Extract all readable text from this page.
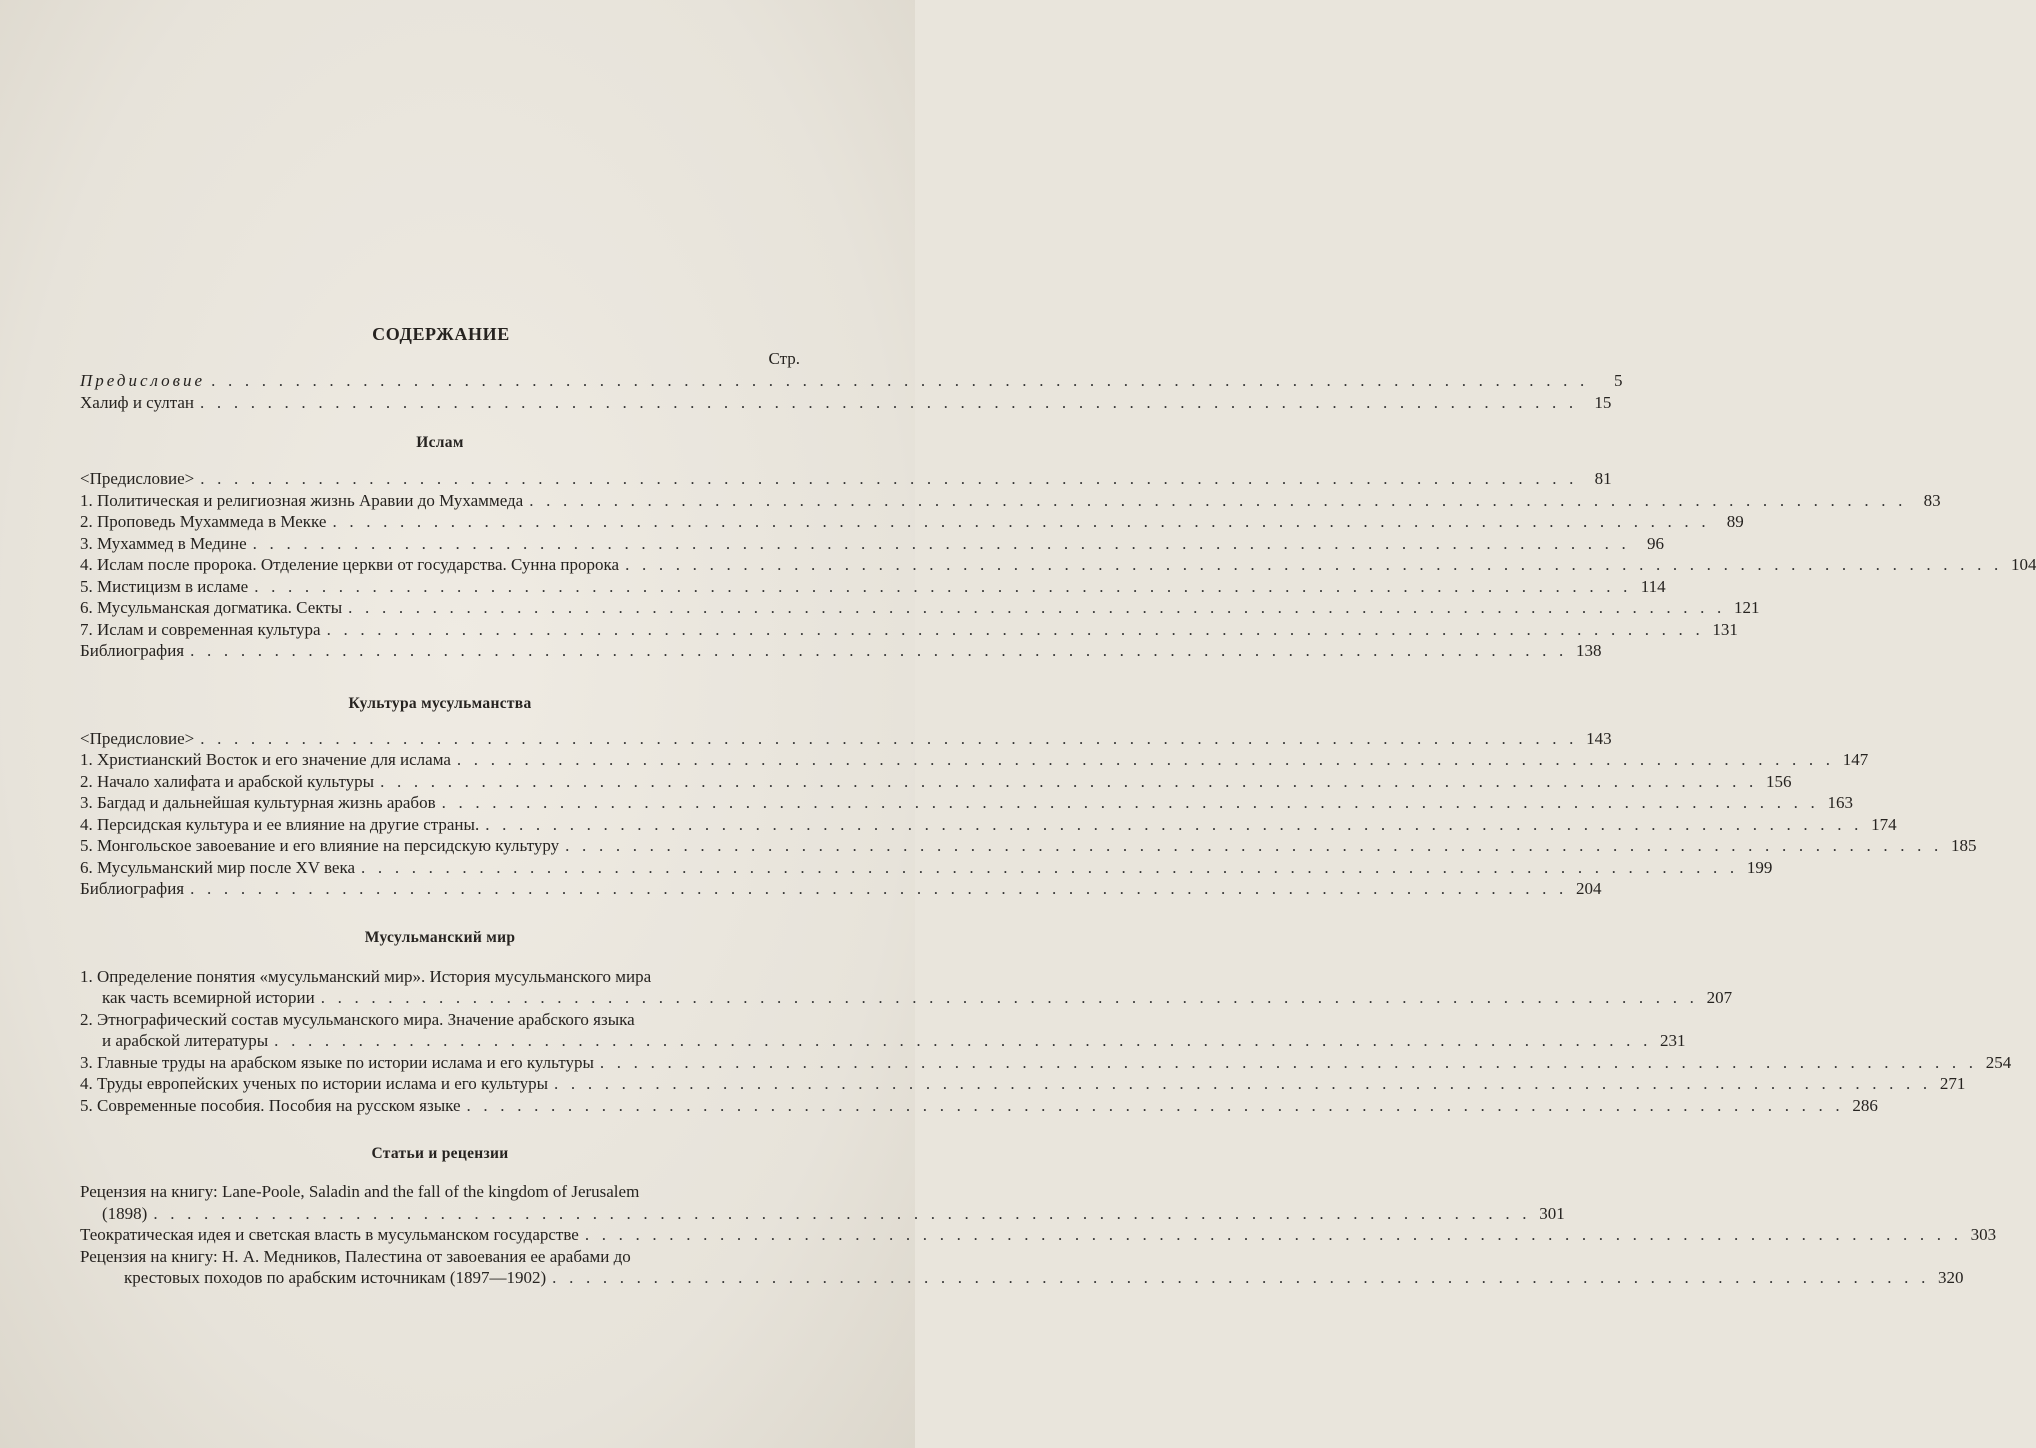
СОДЕРЖАНИЕ
Стр.
Предисловие . . . . . . . . . . . . . . . . . . . . . . . . . . . . . . . . . . . . . . . . . . . . . . . . . . . . . . . . . . . . . . . . . . . . . . . . . . . . . . . . . .	5
Халиф и султан . . . . . . . . . . . . . . . . . . . . . . . . . . . . . . . . . . . . . . . . . . . . . . . . . . . . . . . . . . . . . . . . . . . . . . . . . . . . . . . . . .	15
Ислам
<Предисловие> . . . . . . . . . . . . . . . . . . . . . . . . . . . . . . . . . . . . . . . . . . . . . . . . . . . . . . . . . . . . . . . . . . . . . . . . . . . . . . . . . .	81
1. Политическая и религиозная жизнь Аравии до Мухаммеда . . . . . . . . . . . . . . . . . . . . . . . . . . . . . . . . . . . . . . . . . . . . . . . . . . . . . . . . . . . . . . . . . . . . . . . . . . . . . . . . . .	83
2. Проповедь Мухаммеда в Мекке . . . . . . . . . . . . . . . . . . . . . . . . . . . . . . . . . . . . . . . . . . . . . . . . . . . . . . . . . . . . . . . . . . . . . . . . . . . . . . . . . .	89
3. Мухаммед в Медине . . . . . . . . . . . . . . . . . . . . . . . . . . . . . . . . . . . . . . . . . . . . . . . . . . . . . . . . . . . . . . . . . . . . . . . . . . . . . . . . . .	96
4. Ислам после пророка. Отделение церкви от государства. Сунна пророка . . . . . . . . . . . . . . . . . . . . . . . . . . . . . . . . . . . . . . . . . . . . . . . . . . . . . . . . . . . . . . . . . . . . . . . . . . . . . . . . . . 104
5. Мистицизм в исламе . . . . . . . . . . . . . . . . . . . . . . . . . . . . . . . . . . . . . . . . . . . . . . . . . . . . . . . . . . . . . . . . . . . . . . . . . . . . . . . . . . 114
6. Мусульманская догматика. Секты . . . . . . . . . . . . . . . . . . . . . . . . . . . . . . . . . . . . . . . . . . . . . . . . . . . . . . . . . . . . . . . . . . . . . . . . . . . . . . . . . . 121
7. Ислам и современная культура . . . . . . . . . . . . . . . . . . . . . . . . . . . . . . . . . . . . . . . . . . . . . . . . . . . . . . . . . . . . . . . . . . . . . . . . . . . . . . . . . . 131
Библиография . . . . . . . . . . . . . . . . . . . . . . . . . . . . . . . . . . . . . . . . . . . . . . . . . . . . . . . . . . . . . . . . . . . . . . . . . . . . . . . . . . 138
Культура мусульманства
<Предисловие> . . . . . . . . . . . . . . . . . . . . . . . . . . . . . . . . . . . . . . . . . . . . . . . . . . . . . . . . . . . . . . . . . . . . . . . . . . . . . . . . . . 143
1. Христианский Восток и его значение для ислама . . . . . . . . . . . . . . . . . . . . . . . . . . . . . . . . . . . . . . . . . . . . . . . . . . . . . . . . . . . . . . . . . . . . . . . . . . . . . . . . . . 147
2. Начало халифата и арабской культуры . . . . . . . . . . . . . . . . . . . . . . . . . . . . . . . . . . . . . . . . . . . . . . . . . . . . . . . . . . . . . . . . . . . . . . . . . . . . . . . . . . 156
3. Багдад и дальнейшая культурная жизнь арабов . . . . . . . . . . . . . . . . . . . . . . . . . . . . . . . . . . . . . . . . . . . . . . . . . . . . . . . . . . . . . . . . . . . . . . . . . . . . . . . . . . 163
4. Персидская культура и ее влияние на другие страны. . . . . . . . . . . . . . . . . . . . . . . . . . . . . . . . . . . . . . . . . . . . . . . . . . . . . . . . . . . . . . . . . . . . . . . . . . . . . . . . . . . 174
5. Монгольское завоевание и его влияние на персидскую культуру . . . . . . . . . . . . . . . . . . . . . . . . . . . . . . . . . . . . . . . . . . . . . . . . . . . . . . . . . . . . . . . . . . . . . . . . . . . . . . . . . . 185
6. Мусульманский мир после XV века . . . . . . . . . . . . . . . . . . . . . . . . . . . . . . . . . . . . . . . . . . . . . . . . . . . . . . . . . . . . . . . . . . . . . . . . . . . . . . . . . . 199
Библиография . . . . . . . . . . . . . . . . . . . . . . . . . . . . . . . . . . . . . . . . . . . . . . . . . . . . . . . . . . . . . . . . . . . . . . . . . . . . . . . . . . 204
Мусульманский мир
1. Определение понятия «мусульманский мир». История мусульманского мира
как часть всемирной истории . . . . . . . . . . . . . . . . . . . . . . . . . . . . . . . . . . . . . . . . . . . . . . . . . . . . . . . . . . . . . . . . . . . . . . . . . . . . . . . . . . 207
2. Этнографический состав мусульманского мира. Значение арабского языка
и арабской литературы . . . . . . . . . . . . . . . . . . . . . . . . . . . . . . . . . . . . . . . . . . . . . . . . . . . . . . . . . . . . . . . . . . . . . . . . . . . . . . . . . . 231
3. Главные труды на арабском языке по истории ислама и его культуры . . . . . . . . . . . . . . . . . . . . . . . . . . . . . . . . . . . . . . . . . . . . . . . . . . . . . . . . . . . . . . . . . . . . . . . . . . . . . . . . . . 254
4. Труды европейских ученых по истории ислама и его культуры . . . . . . . . . . . . . . . . . . . . . . . . . . . . . . . . . . . . . . . . . . . . . . . . . . . . . . . . . . . . . . . . . . . . . . . . . . . . . . . . . . 271
5. Современные пособия. Пособия на русском языке . . . . . . . . . . . . . . . . . . . . . . . . . . . . . . . . . . . . . . . . . . . . . . . . . . . . . . . . . . . . . . . . . . . . . . . . . . . . . . . . . . 286
Статьи и рецензии
Рецензия на книгу: Lane-Poole, Saladin and the fall of the kingdom of Jerusalem
(1898) . . . . . . . . . . . . . . . . . . . . . . . . . . . . . . . . . . . . . . . . . . . . . . . . . . . . . . . . . . . . . . . . . . . . . . . . . . . . . . . . . . 301
Теократическая идея и светская власть в мусульманском государстве . . . . . . . . . . . . . . . . . . . . . . . . . . . . . . . . . . . . . . . . . . . . . . . . . . . . . . . . . . . . . . . . . . . . . . . . . . . . . . . . . . 303
Рецензия на книгу: Н. А. Медников, Палестина от завоевания ее арабами до
крестовых походов по арабским источникам (1897—1902) . . . . . . . . . . . . . . . . . . . . . . . . . . . . . . . . . . . . . . . . . . . . . . . . . . . . . . . . . . . . . . . . . . . . . . . . . . . . . . . . . . 320
